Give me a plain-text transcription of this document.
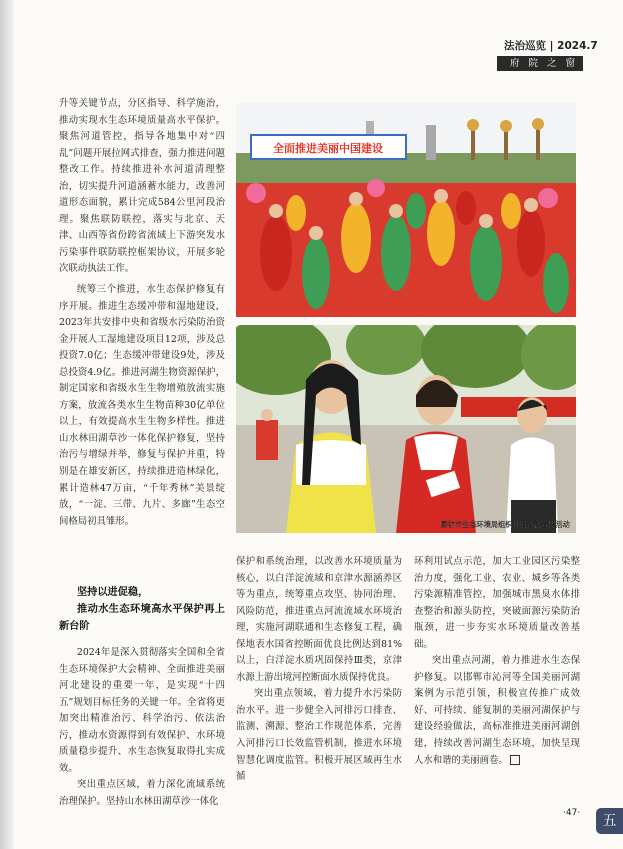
法治巡览 | 2024.7
府 院 之 窗

升等关键节点，分区指导、科学施治，推动实现水生态环境质量高水平保护。聚焦河道管控，指导各地集中对“四乱”问题开展拉网式排查，强力推进问题整改工作。持续推进补水河道清理整治，切实提升河道涵蓄水能力，改善河道形态面貌，累计完成584公里河段治理。聚焦联防联控，落实与北京、天津、山西等省份跨省流域上下游突发水污染事件联防联控框架协议，开展多轮次联动执法工作。

统筹三个推进，水生态保护修复有序开展。推进生态缓冲带和湿地建设，2023年共安排中央和省级水污染防治资金开展人工湿地建设项目12项，涉及总投资7.0亿；生态缓冲带建设9处，涉及总投资4.9亿。推进河湖生物资源保护，制定国家和省级水生生物增殖放流实施方案，放流各类水生生物苗种30亿单位以上，有效提高水生生物多样性。推进山水林田湖草沙一体化保护修复，坚持治污与增绿并举，修复与保护并重，特别是在雄安新区，持续推进造林绿化，累计造林47万亩，“千年秀林”美景绽放，“一淀、三带、九片、多廊”生态空间格局初具雏形。

坚持以进促稳，
推动水生态环境高水平保护再上新台阶

2024年是深入贯彻落实全国和全省生态环境保护大会精神、全面推进美丽河北建设的重要一年，是实现“十四五”规划目标任务的关键一年。全省将更加突出精准治污、科学治污、依法治污，推动水资源得到有效保护、水环境质量稳步提升、水生态恢复取得扎实成效。

突出重点区域，着力深化流域系统治理保护。坚持山水林田湖草沙一体化

全面推进美丽中国建设
廊坊市生态环境局组织开展普法宣传活动

保护和系统治理，以改善水环境质量为核心，以白洋淀流域和京津水源涵养区等为重点，统筹重点攻坚、协同治理、风险防范，推进重点河流流域水环境治理，实施河湖联通和生态修复工程，确保地表水国省控断面优良比例达到81%以上，白洋淀水质巩固保持Ⅲ类，京津水源上游出境河控断面水质保持优良。

突出重点领域，着力提升水污染防治水平。进一步健全入河排污口排查、监测、溯源、整治工作规范体系，完善入河排污口长效监管机制，推进水环境智慧化调度监管。积极开展区域再生水循

环利用试点示范，加大工业园区污染整治力度，强化工业、农业、城乡等各类污染源精准管控，加强城市黑臭水体排查整治和源头防控，突破面源污染防治瓶颈，进一步夯实水环境质量改善基础。

突出重点河湖，着力推进水生态保护修复。以邯郸市沁河等全国美丽河湖案例为示范引领，积极宣传推广成效好、可持续、能复制的美丽河湖保护与建设经验做法，高标准推进美丽河湖创建，持续改善河湖生态环境，加快呈现人水和谐的美丽画卷。

·47·	五
